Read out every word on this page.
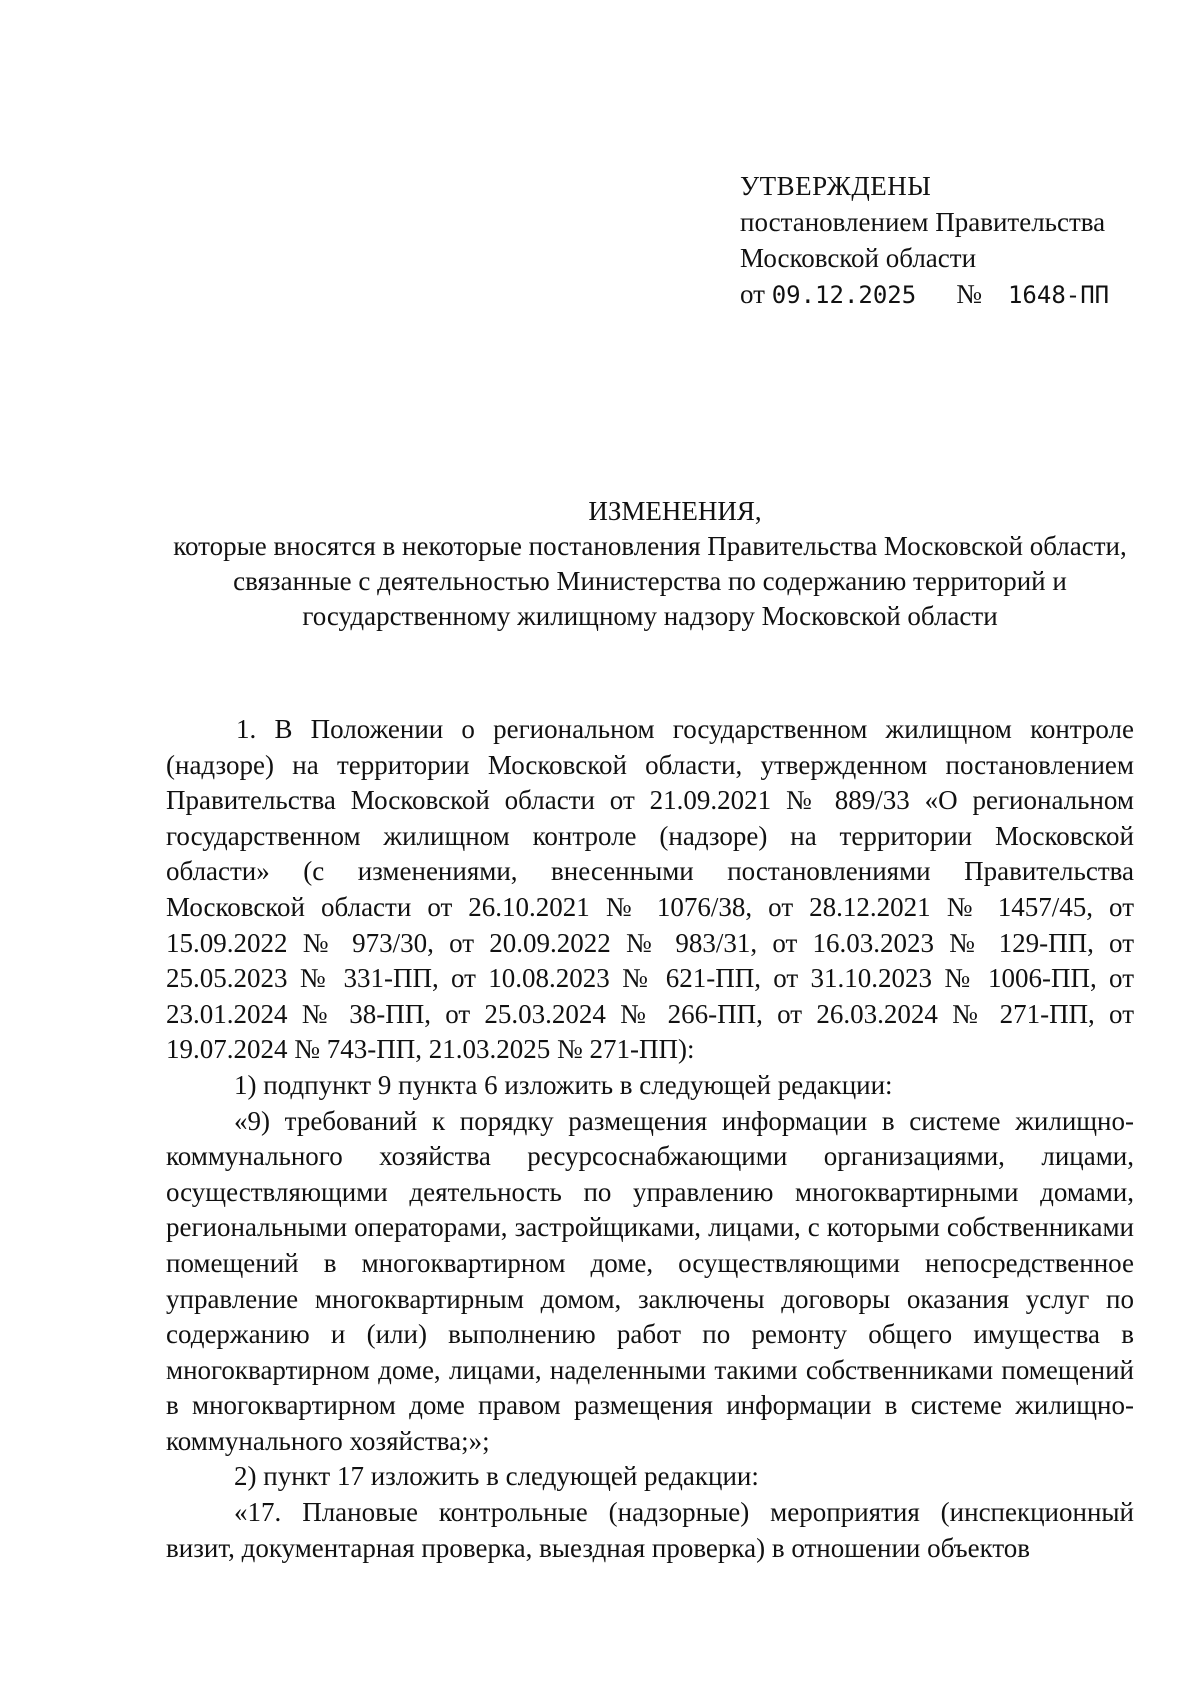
УТВЕРЖДЕНЫ
постановлением Правительства
Московской области
от 09.12.2025 № 1648-ПП
ИЗМЕНЕНИЯ,
которые вносятся в некоторые постановления Правительства Московской области, связанные с деятельностью Министерства по содержанию территорий и государственному жилищному надзору Московской области

1. В Положении о региональном государственном жилищном контроле (надзоре) на территории Московской области, утвержденном постановлением Правительства Московской области от 21.09.2021 № 889/33 «О региональном государственном жилищном контроле (надзоре) на территории Московской области» (с изменениями, внесенными постановлениями Правительства Московской области от 26.10.2021 № 1076/38, от 28.12.2021 № 1457/45, от 15.09.2022 № 973/30, от 20.09.2022 № 983/31, от 16.03.2023 № 129-ПП, от 25.05.2023 № 331-ПП, от 10.08.2023 № 621-ПП, от 31.10.2023 № 1006-ПП, от 23.01.2024 № 38-ПП, от 25.03.2024 № 266-ПП, от 26.03.2024 № 271-ПП, от 19.07.2024 № 743-ПП, 21.03.2025 № 271-ПП):

1) подпункт 9 пункта 6 изложить в следующей редакции:

«9) требований к порядку размещения информации в системе жилищно-коммунального хозяйства ресурсоснабжающими организациями, лицами, осуществляющими деятельность по управлению многоквартирными домами, региональными операторами, застройщиками, лицами, с которыми собственниками помещений в многоквартирном доме, осуществляющими непосредственное управление многоквартирным домом, заключены договоры оказания услуг по содержанию и (или) выполнению работ по ремонту общего имущества в многоквартирном доме, лицами, наделенными такими собственниками помещений в многоквартирном доме правом размещения информации в системе жилищно-коммунального хозяйства;»;

2) пункт 17 изложить в следующей редакции:

«17. Плановые контрольные (надзорные) мероприятия (инспекционный визит, документарная проверка, выездная проверка) в отношении объектов
